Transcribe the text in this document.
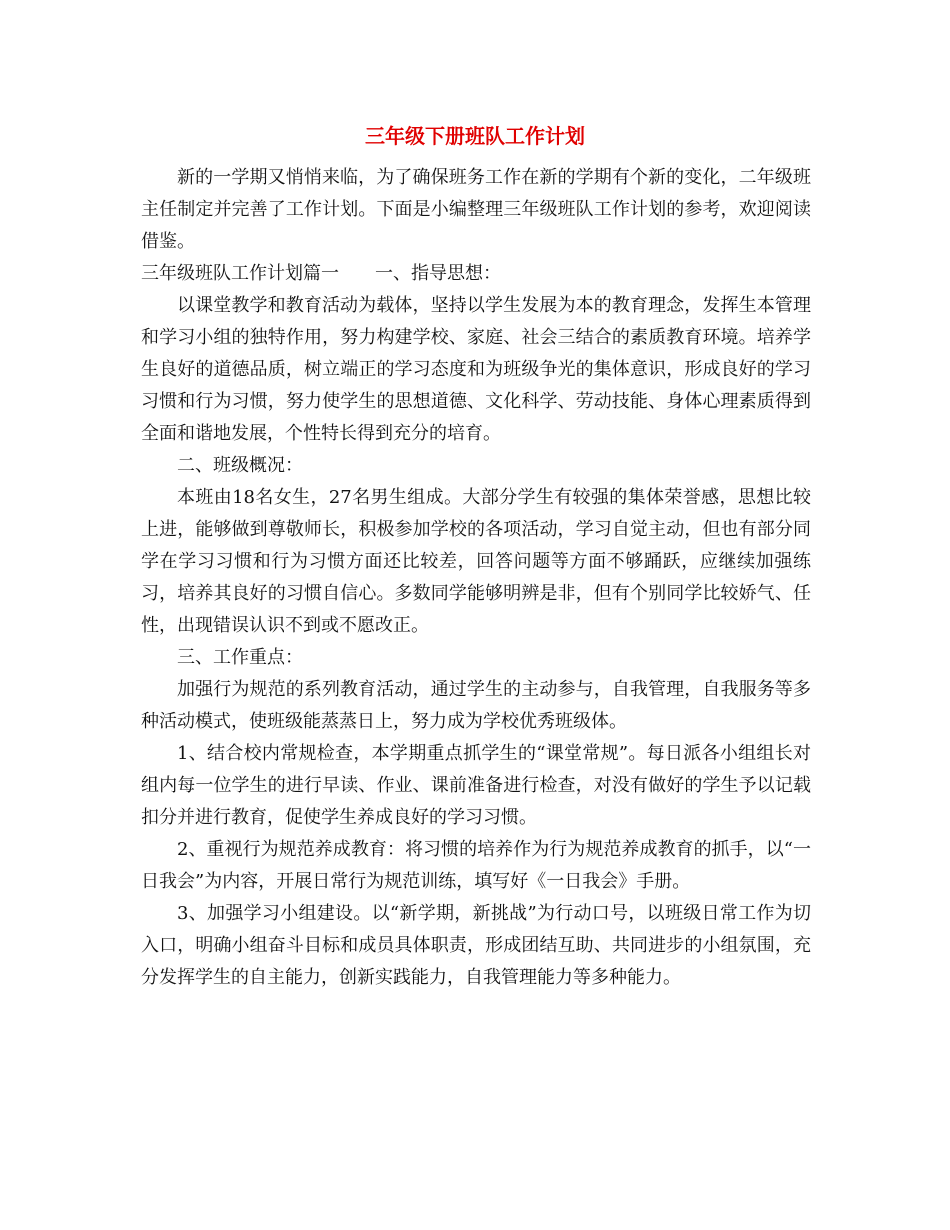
三年级下册班队工作计划

新的一学期又悄悄来临，为了确保班务工作在新的学期有个新的变化，二年级班主任制定并完善了工作计划。下面是小编整理三年级班队工作计划的参考，欢迎阅读借鉴。

三年级班队工作计划篇一 一、指导思想：

以课堂教学和教育活动为载体，坚持以学生发展为本的教育理念，发挥生本管理和学习小组的独特作用，努力构建学校、家庭、社会三结合的素质教育环境。培养学生良好的道德品质，树立端正的学习态度和为班级争光的集体意识，形成良好的学习习惯和行为习惯，努力使学生的思想道德、文化科学、劳动技能、身体心理素质得到全面和谐地发展，个性特长得到充分的培育。

二、班级概况：

本班由18名女生，27名男生组成。大部分学生有较强的集体荣誉感，思想比较上进，能够做到尊敬师长，积极参加学校的各项活动，学习自觉主动，但也有部分同学在学习习惯和行为习惯方面还比较差，回答问题等方面不够踊跃，应继续加强练习，培养其良好的习惯自信心。多数同学能够明辨是非，但有个别同学比较娇气、任性，出现错误认识不到或不愿改正。

三、工作重点：

加强行为规范的系列教育活动，通过学生的主动参与，自我管理，自我服务等多种活动模式，使班级能蒸蒸日上，努力成为学校优秀班级体。

1、结合校内常规检查，本学期重点抓学生的“课堂常规”。每日派各小组组长对组内每一位学生的进行早读、作业、课前准备进行检查，对没有做好的学生予以记载扣分并进行教育，促使学生养成良好的学习习惯。

2、重视行为规范养成教育：将习惯的培养作为行为规范养成教育的抓手，以“一日我会”为内容，开展日常行为规范训练，填写好《一日我会》手册。

3、加强学习小组建设。以“新学期，新挑战”为行动口号，以班级日常工作为切入口，明确小组奋斗目标和成员具体职责，形成团结互助、共同进步的小组氛围，充分发挥学生的自主能力，创新实践能力，自我管理能力等多种能力。
